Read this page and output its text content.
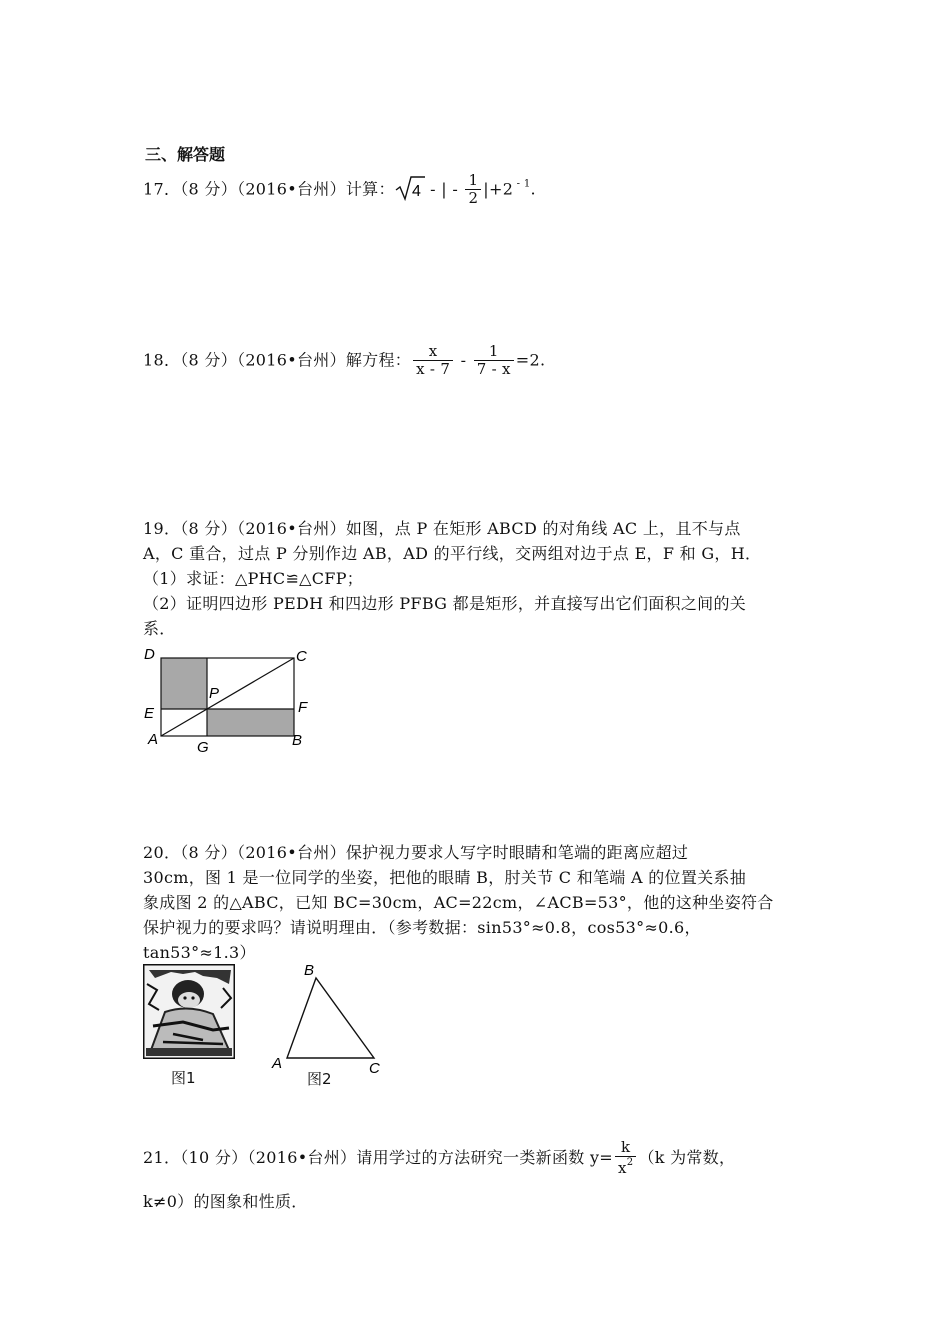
三、解答题
17．（8 分）（2016•台州）计算： 4 - | - $\frac{1}{2} |+2$ $^{- 1}$.
18．（8 分）（2016•台州）解方程： $\frac{x}{x - 7} - \frac{1}{7 - x} =2$.
19．（8 分）（2016•台州）如图，点 P 在矩形 ABCD 的对角线 AC 上，且不与点
A，C 重合，过点 P 分别作边 AB，AD 的平行线，交两组对边于点 E，F 和 G，H．
（1）求证：△PHC≌△CFP；
（2）证明四边形 PEDH 和四边形 PFBG 都是矩形，并直接写出它们面积之间的关
系．
D	C
P
E	F
A	G	B
20．（8 分）（2016•台州）保护视力要求人写字时眼睛和笔端的距离应超过
30cm，图 1 是一位同学的坐姿，把他的眼睛 B，肘关节 C 和笔端 A 的位置关系抽
象成图 2 的△ABC，已知 BC=30cm，AC=22cm，∠ACB=53°，他的这种坐姿符合
保护视力的要求吗？请说明理由．（参考数据：sin53°≈0.8，cos53°≈0.6，
tan53°≈1.3）
图1
B
A	C
图2
21．（10 分）（2016•台州）请用学过的方法研究一类新函数 $y= \frac{k}{x^2} (k$ 为常数，
k≠0）的图象和性质．
